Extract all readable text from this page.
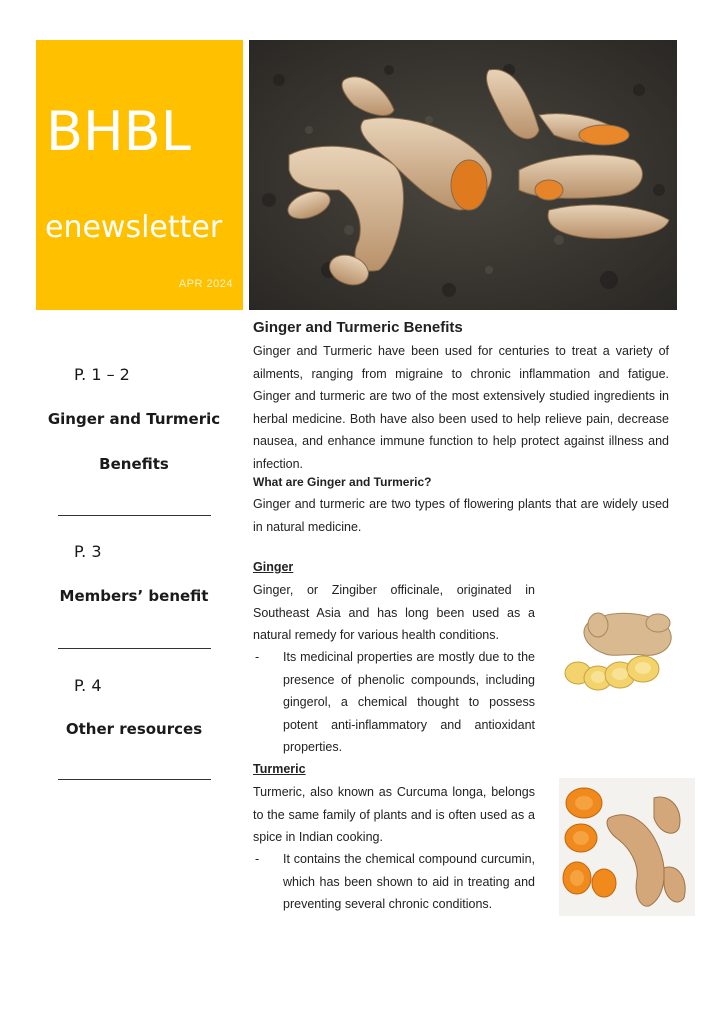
BHBL
enewsletter
APR 2024
P. 1 – 2
Ginger and Turmeric
Benefits
P. 3
Members’ benefit
P. 4
Other resources
Ginger and Turmeric Benefits

Ginger and Turmeric have been used for centuries to treat a variety of ailments, ranging from migraine to chronic inflammation and fatigue. Ginger and turmeric are two of the most extensively studied ingredients in herbal medicine. Both have also been used to help relieve pain, decrease nausea, and enhance immune function to help protect against illness and infection.

What are Ginger and Turmeric?

Ginger and turmeric are two types of flowering plants that are widely used in natural medicine.

Ginger

Ginger, or Zingiber officinale, originated in Southeast Asia and has long been used as a natural remedy for various health conditions.

- Its medicinal properties are mostly due to the presence of phenolic compounds, including gingerol, a chemical thought to possess potent anti-inflammatory and antioxidant properties.
Turmeric

Turmeric, also known as Curcuma longa, belongs to the same family of plants and is often used as a spice in Indian cooking.

- It contains the chemical compound curcumin, which has been shown to aid in treating and preventing several chronic conditions.
